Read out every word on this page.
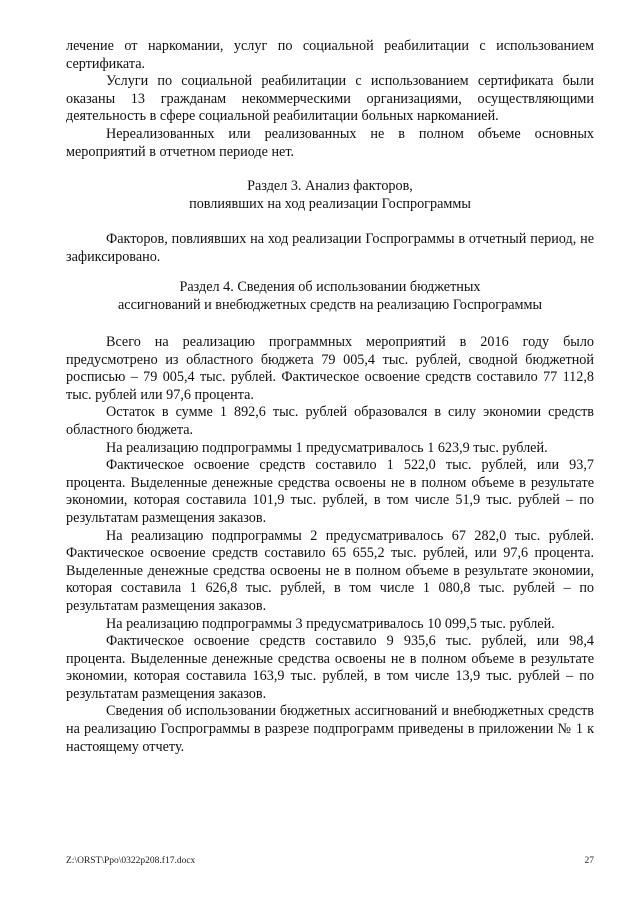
лечение от наркомании, услуг по социальной реабилитации с использованием сертификата.

Услуги по социальной реабилитации с использованием сертификата были оказаны 13 гражданам некоммерческими организациями, осуществляющими деятельность в сфере социальной реабилитации больных наркоманией.

Нереализованных или реализованных не в полном объеме основных мероприятий в отчетном периоде нет.

Раздел 3. Анализ факторов,

повлиявших на ход реализации Госпрограммы

Факторов, повлиявших на ход реализации Госпрограммы в отчетный период, не зафиксировано.

Раздел 4. Сведения об использовании бюджетных

ассигнований и внебюджетных средств на реализацию Госпрограммы

Всего на реализацию программных мероприятий в 2016 году было предусмотрено из областного бюджета 79 005,4 тыс. рублей, сводной бюджетной росписью – 79 005,4 тыс. рублей. Фактическое освоение средств составило 77 112,8 тыс. рублей или 97,6 процента.

Остаток в сумме 1 892,6 тыс. рублей образовался в силу экономии средств областного бюджета.

На реализацию подпрограммы 1 предусматривалось 1 623,9 тыс. рублей.

Фактическое освоение средств составило 1 522,0 тыс. рублей, или 93,7 процента. Выделенные денежные средства освоены не в полном объеме в результате экономии, которая составила 101,9 тыс. рублей, в том числе 51,9 тыс. рублей – по результатам размещения заказов.

На реализацию подпрограммы 2 предусматривалось 67 282,0 тыс. рублей. Фактическое освоение средств составило 65 655,2 тыс. рублей, или 97,6 процента. Выделенные денежные средства освоены не в полном объеме в результате экономии, которая составила 1 626,8 тыс. рублей, в том числе 1 080,8 тыс. рублей – по результатам размещения заказов.

На реализацию подпрограммы 3 предусматривалось 10 099,5 тыс. рублей.

Фактическое освоение средств составило 9 935,6 тыс. рублей, или 98,4 процента. Выделенные денежные средства освоены не в полном объеме в результате экономии, которая составила 163,9 тыс. рублей, в том числе 13,9 тыс. рублей – по результатам размещения заказов.

Сведения об использовании бюджетных ассигнований и внебюджетных средств на реализацию Госпрограммы в разрезе подпрограмм приведены в приложении № 1 к настоящему отчету.

Z:\ORST\Ppo\0322p208.f17.docx	27
